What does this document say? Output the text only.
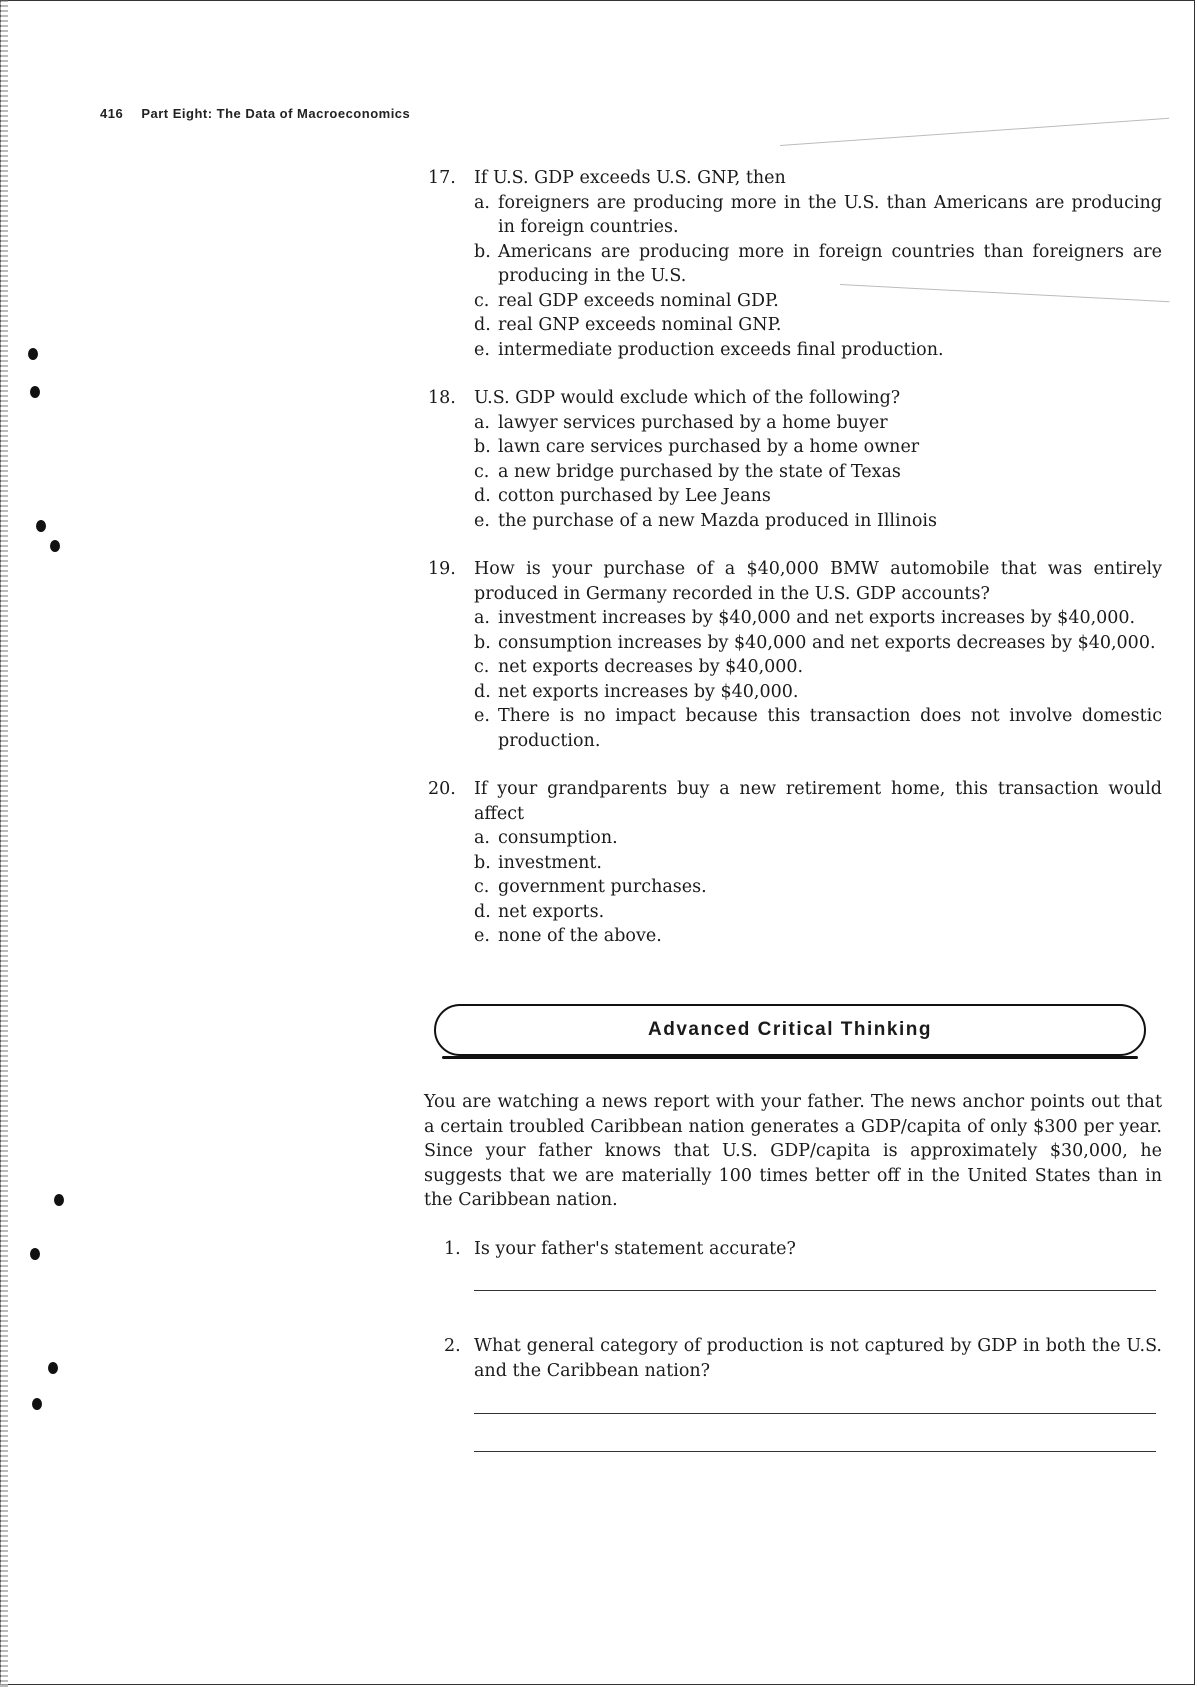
416 Part Eight: The Data of Macroeconomics
17. If U.S. GDP exceeds U.S. GNP, then
a. foreigners are producing more in the U.S. than Americans are producing in foreign countries.
b. Americans are producing more in foreign countries than foreigners are producing in the U.S.
c. real GDP exceeds nominal GDP.
d. real GNP exceeds nominal GNP.
e. intermediate production exceeds final production.
18. U.S. GDP would exclude which of the following?
a. lawyer services purchased by a home buyer
b. lawn care services purchased by a home owner
c. a new bridge purchased by the state of Texas
d. cotton purchased by Lee Jeans
e. the purchase of a new Mazda produced in Illinois
19. How is your purchase of a $40,000 BMW automobile that was entirely produced in Germany recorded in the U.S. GDP accounts?
a. investment increases by $40,000 and net exports increases by $40,000.
b. consumption increases by $40,000 and net exports decreases by $40,000.
c. net exports decreases by $40,000.
d. net exports increases by $40,000.
e. There is no impact because this transaction does not involve domestic production.
20. If your grandparents buy a new retirement home, this transaction would affect
a. consumption.
b. investment.
c. government purchases.
d. net exports.
e. none of the above.
Advanced Critical Thinking
You are watching a news report with your father. The news anchor points out that a certain troubled Caribbean nation generates a GDP/capita of only $300 per year. Since your father knows that U.S. GDP/capita is approximately $30,000, he suggests that we are materially 100 times better off in the United States than in the Caribbean nation.
1. Is your father's statement accurate?
2. What general category of production is not captured by GDP in both the U.S. and the Caribbean nation?
